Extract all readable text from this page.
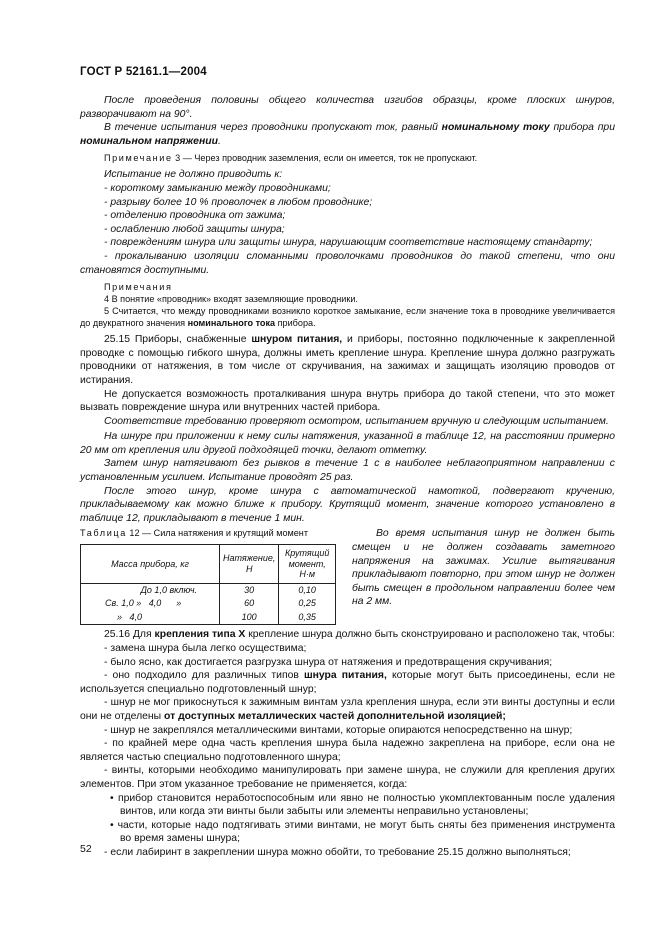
ГОСТ Р 52161.1—2004

После проведения половины общего количества изгибов образцы, кроме плоских шнуров, разворачивают на 90°.

В течение испытания через проводники пропускают ток, равный номинальному току прибора при номинальном напряжении.

Примечание 3 — Через проводник заземления, если он имеется, ток не пропускают.

Испытание не должно приводить к:

- короткому замыканию между проводниками;

- разрыву более 10 % проволочек в любом проводнике;

- отделению проводника от зажима;

- ослаблению любой защиты шнура;

- повреждениям шнура или защиты шнура, нарушающим соответствие настоящему стандарту;

- прокалыванию изоляции сломанными проволочками проводников до такой степени, что они становятся доступными.

Примечания

4 В понятие «проводник» входят заземляющие проводники.

5 Считается, что между проводниками возникло короткое замыкание, если значение тока в проводнике увеличивается до двукратного значения номинального тока прибора.

25.15 Приборы, снабженные шнуром питания, и приборы, постоянно подключенные к закрепленной проводке с помощью гибкого шнура, должны иметь крепление шнура. Крепление шнура должно разгружать проводники от натяжения, в том числе от скручивания, на зажимах и защищать изоляцию проводов от истирания.

Не допускается возможность проталкивания шнура внутрь прибора до такой степени, что это может вызвать повреждение шнура или внутренних частей прибора.

Соответствие требованию проверяют осмотром, испытанием вручную и следующим испытанием.

На шнуре при приложении к нему силы натяжения, указанной в таблице 12, на расстоянии примерно 20 мм от крепления или другой подходящей точки, делают отметку.

Затем шнур натягивают без рывков в течение 1 с в наиболее неблагоприятном направлении с установленным усилием. Испытание проводят 25 раз.

После этого шнур, кроме шнура с автоматической намоткой, подвергают кручению, прикладываемому как можно ближе к прибору. Крутящий момент, значение которого установлено в таблице 12, прикладывают в течение 1 мин.

Таблица 12 — Сила натяжения и крутящий момент
Масса прибора, кг	Натяжение, Н	Крутящий момент, Н·м
До 1,0 включ.	30	0,10
Св. 1,0 »   4,0      »	60	0,25
»   4,0	100	0,35

Во время испытания шнур не должен быть смещен и не должен создавать заметного напряжения на зажимах. Усилие вытягивания прикладывают повторно, при этом шнур не должен быть смещен в продольном направлении более чем на 2 мм.

25.16 Для крепления типа Х крепление шнура должно быть сконструировано и расположено так, чтобы:

- замена шнура была легко осуществима;

- было ясно, как достигается разгрузка шнура от натяжения и предотвращения скручивания;

- оно подходило для различных типов шнура питания, которые могут быть присоединены, если не используется специально подготовленный шнур;

- шнур не мог прикоснуться к зажимным винтам узла крепления шнура, если эти винты доступны и если они не отделены от доступных металлических частей дополнительной изоляцией;

- шнур не закреплялся металлическими винтами, которые опираются непосредственно на шнур;

- по крайней мере одна часть крепления шнура была надежно закреплена на приборе, если она не является частью специально подготовленного шнура;

- винты, которыми необходимо манипулировать при замене шнура, не служили для крепления других элементов. При этом указанное требование не применяется, когда:

• прибор становится неработоспособным или явно не полностью укомплектованным после удаления винтов, или когда эти винты были забыты или элементы неправильно установлены;

• части, которые надо подтягивать этими винтами, не могут быть сняты без применения инструмента во время замены шнура;

- если лабиринт в закреплении шнура можно обойти, то требование 25.15 должно выполняться;

52
